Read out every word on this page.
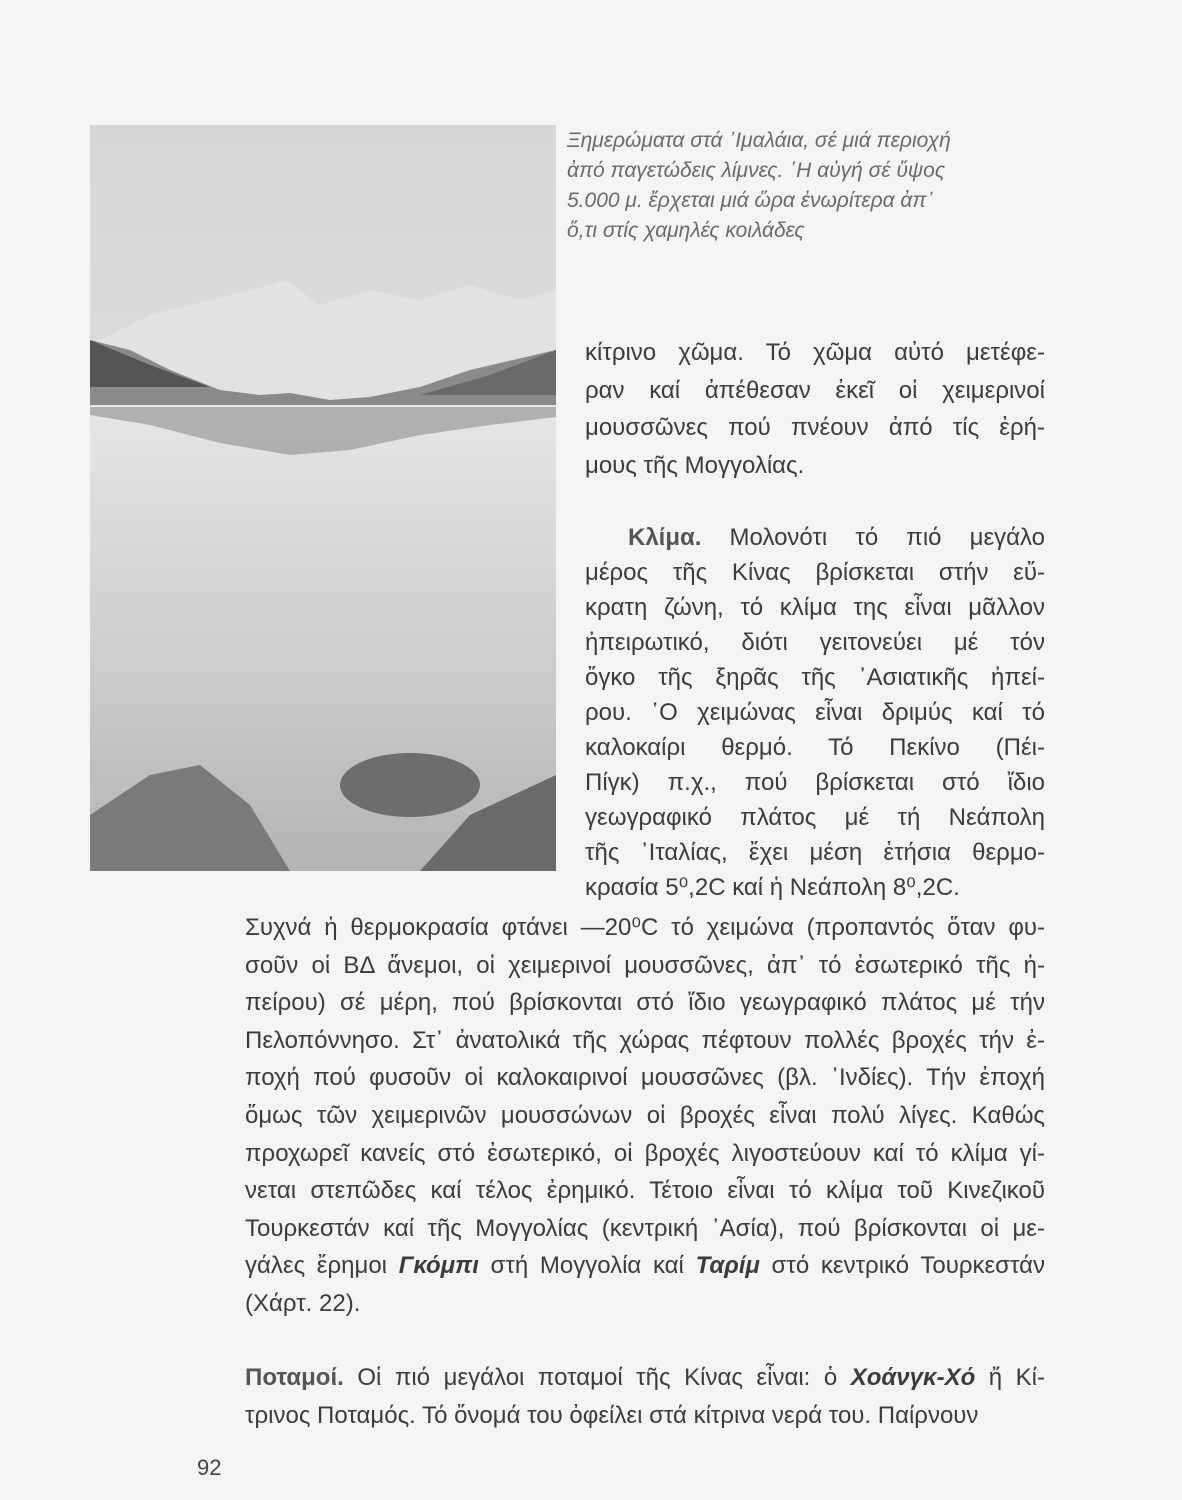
Ξημερώματα στά ᾿Ιμαλάια, σέ μιά περιοχή
ἀπό παγετώδεις λίμνες. ῾Η αὐγή σέ ὕψος
5.000 μ. ἔρχεται μιά ὥρα ἐνωρίτερα ἀπ᾿
ὅ,τι στίς χαμηλές κοιλάδες
κίτρινο χῶμα. Τό χῶμα αὐτό μετέφε-
ραν καί ἀπέθεσαν ἐκεῖ οἱ χειμερινοί
μουσσῶνες πού πνέουν ἀπό τίς ἐρή-
μους τῆς Μογγολίας.
Κλίμα. Μολονότι τό πιό μεγάλο
μέρος τῆς Κίνας βρίσκεται στήν εὔ-
κρατη ζώνη, τό κλίμα της εἶναι μᾶλλον
ἠπειρωτικό, διότι γειτονεύει μέ τόν
ὄγκο τῆς ξηρᾶς τῆς ᾿Ασιατικῆς ἠπεί-
ρου. ῾Ο χειμώνας εἶναι δριμύς καί τό
καλοκαίρι θερμό. Τό Πεκίνο (Πέι-
Πίγκ) π.χ., πού βρίσκεται στό ἴδιο
γεωγραφικό πλάτος μέ τή Νεάπολη
τῆς ᾿Ιταλίας, ἔχει μέση ἐτήσια θερμο-
κρασία 5⁰,2C καί ἡ Νεάπολη 8⁰,2C.
Συχνά ἡ θερμοκρασία φτάνει —20⁰C τό χειμώνα (προπαντός ὅταν φυ-
σοῦν οἱ ΒΔ ἄνεμοι, οἱ χειμερινοί μουσσῶνες, ἀπ᾿ τό ἐσωτερικό τῆς ἠ-
πείρου) σέ μέρη, πού βρίσκονται στό ἴδιο γεωγραφικό πλάτος μέ τήν
Πελοπόννησο. Στ᾿ ἀνατολικά τῆς χώρας πέφτουν πολλές βροχές τήν ἐ-
ποχή πού φυσοῦν οἱ καλοκαιρινοί μουσσῶνες (βλ. ᾿Ινδίες). Τήν ἐποχή
ὅμως τῶν χειμερινῶν μουσσώνων οἱ βροχές εἶναι πολύ λίγες. Καθώς
προχωρεῖ κανείς στό ἐσωτερικό, οἱ βροχές λιγοστεύουν καί τό κλίμα γί-
νεται στεπῶδες καί τέλος ἐρημικό. Τέτοιο εἶναι τό κλίμα τοῦ Κινεζικοῦ
Τουρκεστάν καί τῆς Μογγολίας (κεντρική ᾿Ασία), πού βρίσκονται οἱ με-
γάλες ἔρημοι Γκόμπι στή Μογγολία καί Ταρίμ στό κεντρικό Τουρκεστάν
(Χάρτ. 22).
Ποταμοί. Οἱ πιό μεγάλοι ποταμοί τῆς Κίνας εἶναι: ὁ Χοάνγκ-Χό ἤ Κί-
τρινος Ποταμός. Τό ὄνομά του ὀφείλει στά κίτρινα νερά του. Παίρνουν
92
